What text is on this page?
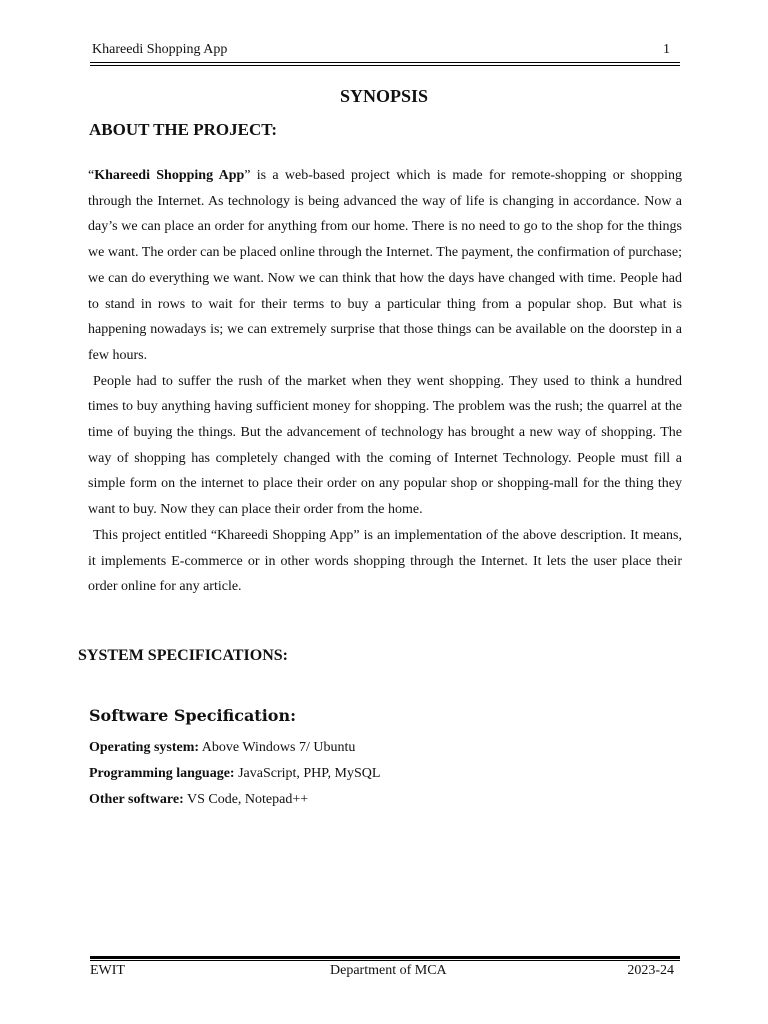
Khareedi Shopping App	1
SYNOPSIS
ABOUT THE PROJECT:

“Khareedi Shopping App” is a web-based project which is made for remote-shopping or shopping through the Internet. As technology is being advanced the way of life is changing in accordance. Now a day’s we can place an order for anything from our home. There is no need to go to the shop for the things we want. The order can be placed online through the Internet. The payment, the confirmation of purchase; we can do everything we want. Now we can think that how the days have changed with time. People had to stand in rows to wait for their terms to buy a particular thing from a popular shop. But what is happening nowadays is; we can extremely surprise that those things can be available on the doorstep in a few hours.

People had to suffer the rush of the market when they went shopping. They used to think a hundred times to buy anything having sufficient money for shopping. The problem was the rush; the quarrel at the time of buying the things. But the advancement of technology has brought a new way of shopping. The way of shopping has completely changed with the coming of Internet Technology. People must fill a simple form on the internet to place their order on any popular shop or shopping-mall for the thing they want to buy. Now they can place their order from the home.

This project entitled “Khareedi Shopping App” is an implementation of the above description. It means, it implements E-commerce or in other words shopping through the Internet. It lets the user place their order online for any article.

SYSTEM SPECIFICATIONS:
Software Specification:
Operating system: Above Windows 7/ Ubuntu
Programming language: JavaScript, PHP, MySQL
Other software: VS Code, Notepad++
EWIT	Department of MCA	2023-24
